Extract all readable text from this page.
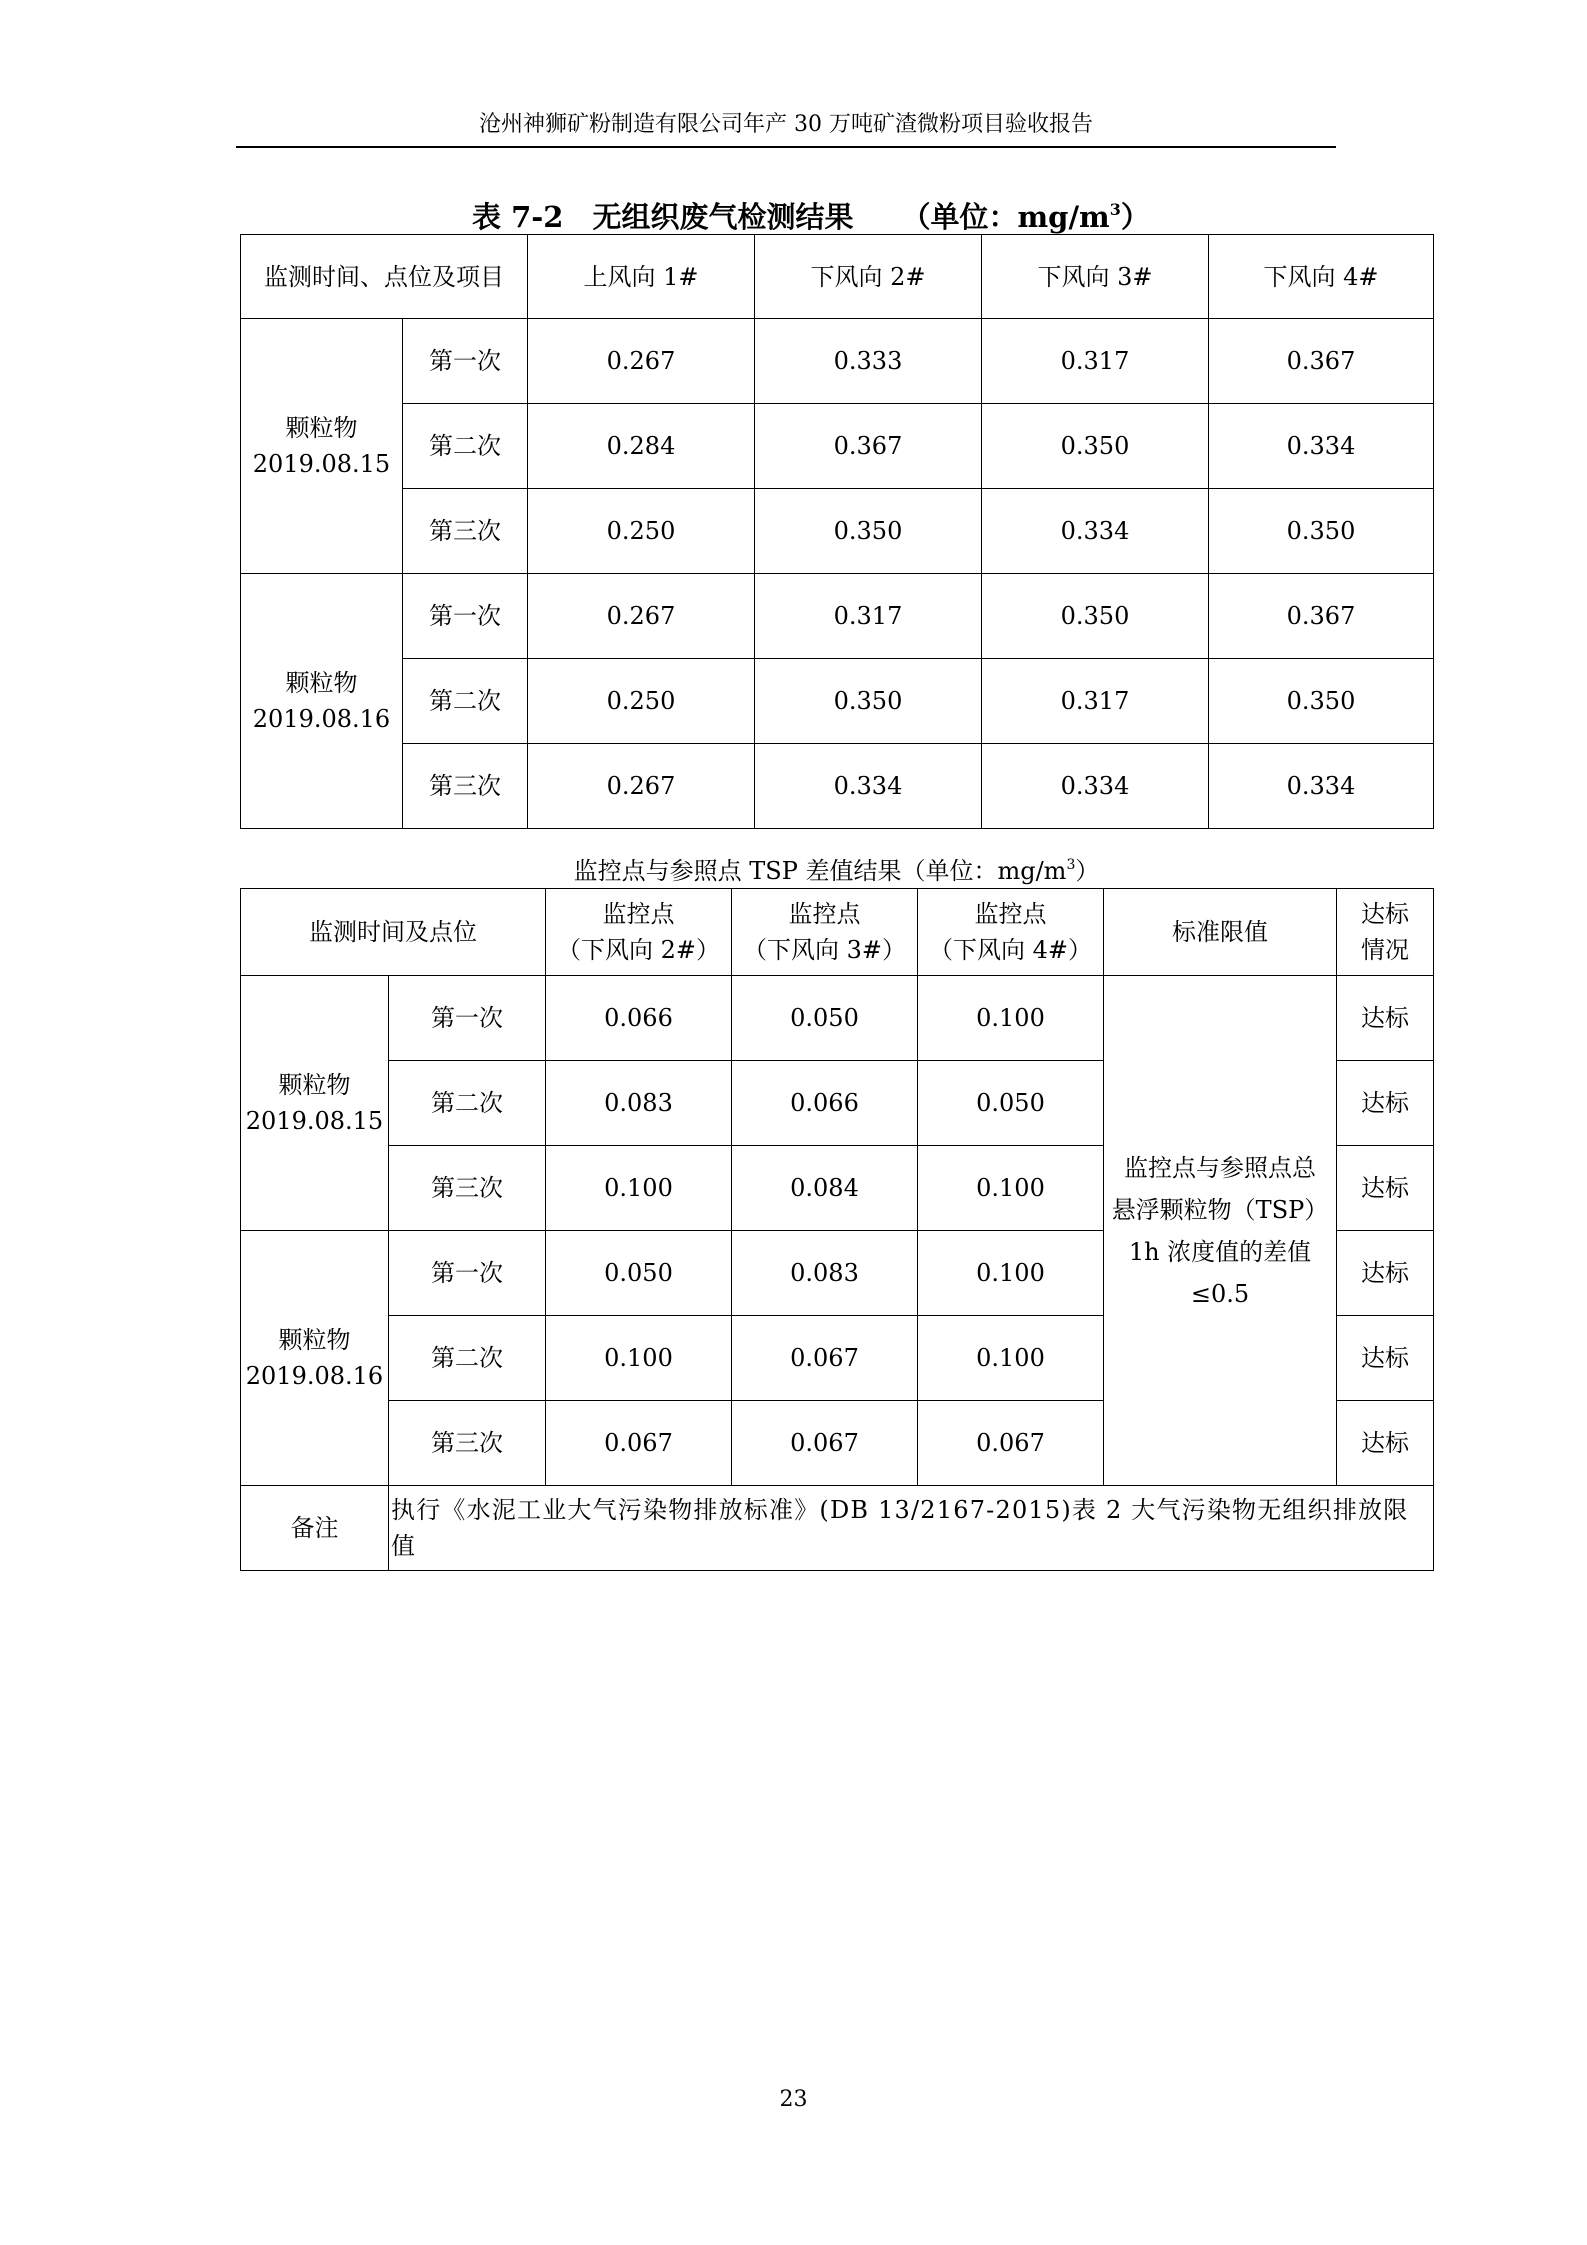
沧州神狮矿粉制造有限公司年产 30 万吨矿渣微粉项目验收报告
表 7-2　无组织废气检测结果 （单位：$mg/m^3$）
监测时间、点位及项目		上风向 1#	下风向 2#	下风向 3#	下风向 4#

颗粒物
2019.08.15	第一次	0.267	0.333	0.317	0.367
	第二次	0.284	0.367	0.350	0.334
	第三次	0.250	0.350	0.334	0.350

颗粒物
2019.08.16	第一次	0.267	0.317	0.350	0.367
	第二次	0.250	0.350	0.317	0.350
	第三次	0.267	0.334	0.334	0.334
监控点与参照点 TSP 差值结果（单位：$mg/m^3$）
监测时间及点位		监控点
（下风向 2#）	监控点
（下风向 3#）	监控点
（下风向 4#）	标准限值	达标
情况

颗粒物
2019.08.15	第一次	0.066	0.050	0.100	监控点与参照点总
悬浮颗粒物（TSP）
1h 浓度值的差值
≤0.5	达标
	第二次	0.083	0.066	0.050		达标
	第三次	0.100	0.084	0.100		达标

颗粒物
2019.08.16	第一次	0.050	0.083	0.100		达标
	第二次	0.100	0.067	0.100		达标
	第三次	0.067	0.067	0.067		达标
备注	执行《水泥工业大气污染物排放标准》(DB 13/2167-2015)表 2 大气污染物无组织排放限值					
23
